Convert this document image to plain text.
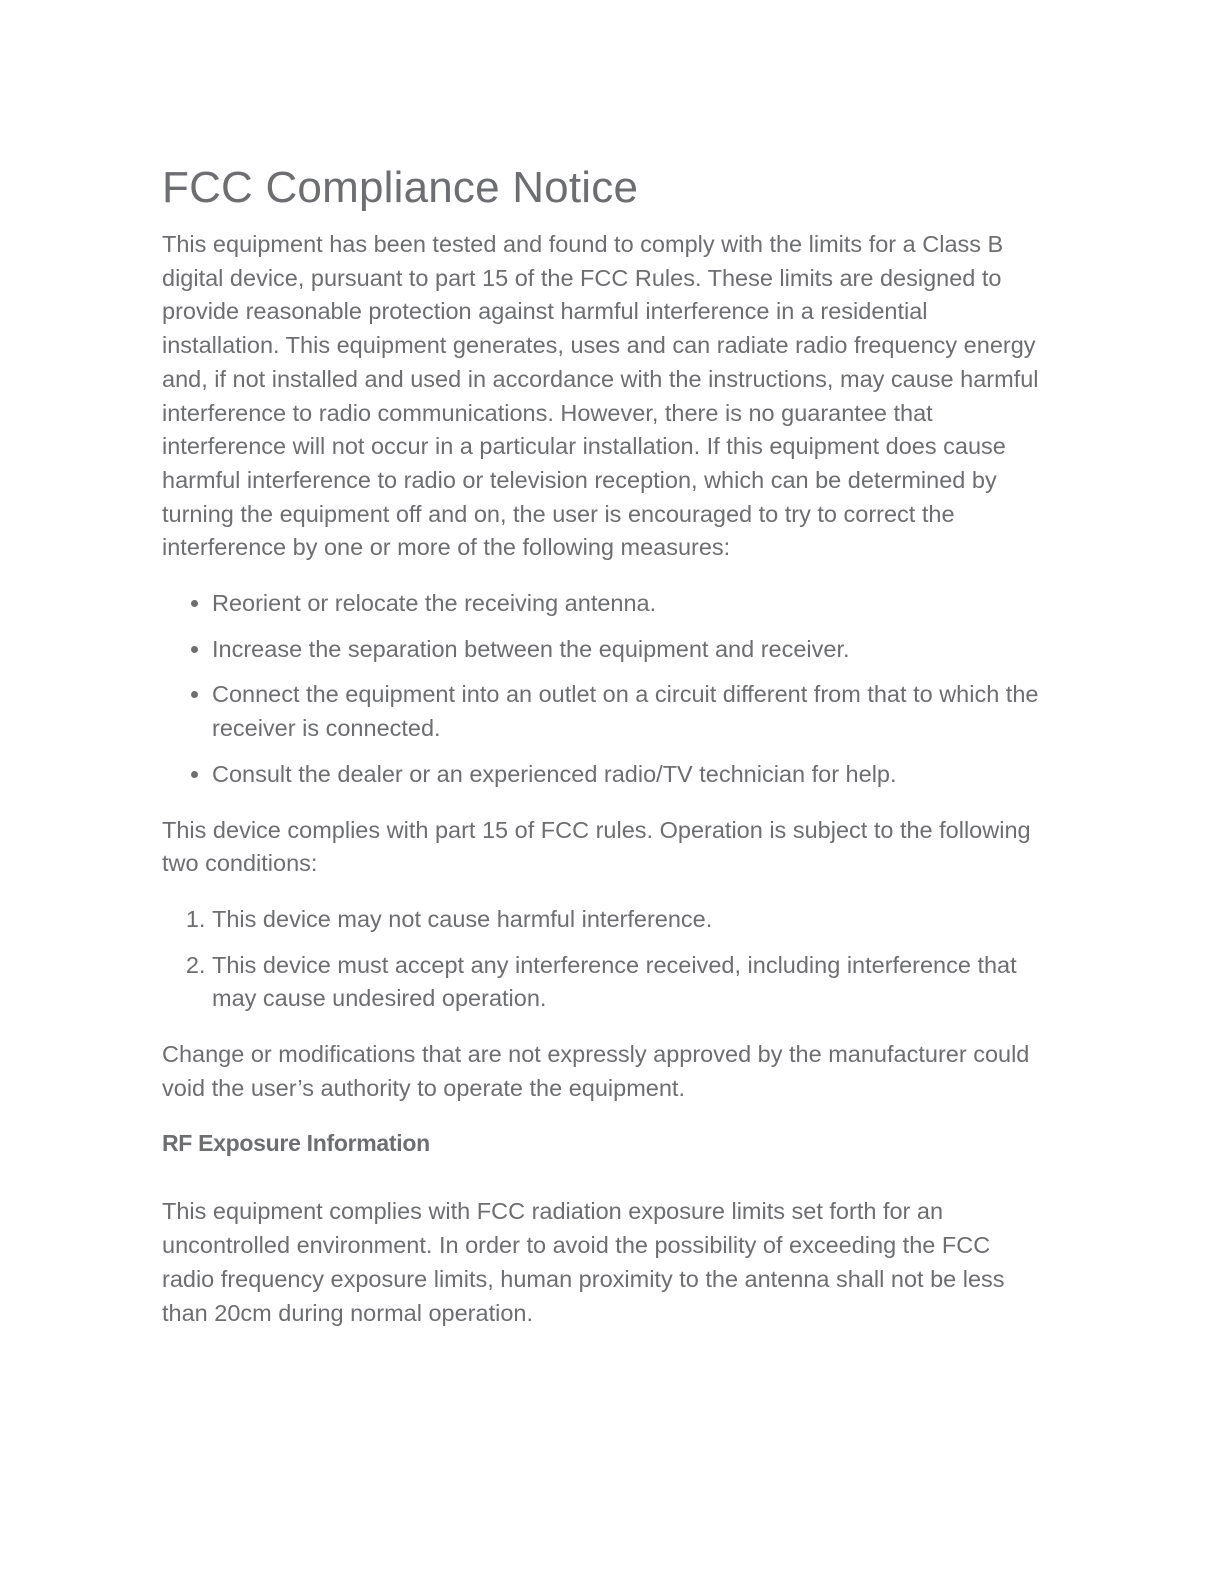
FCC Compliance Notice

This equipment has been tested and found to comply with the limits for a Class B digital device, pursuant to part 15 of the FCC Rules. These limits are designed to provide reasonable protection against harmful interference in a residential installation. This equipment generates, uses and can radiate radio frequency energy and, if not installed and used in accordance with the instructions, may cause harmful interference to radio communications. However, there is no guarantee that interference will not occur in a particular installation. If this equipment does cause harmful interference to radio or television reception, which can be determined by turning the equipment off and on, the user is encouraged to try to correct the interference by one or more of the following measures:

• Reorient or relocate the receiving antenna.
• Increase the separation between the equipment and receiver.
• Connect the equipment into an outlet on a circuit different from that to which the receiver is connected.
• Consult the dealer or an experienced radio/TV technician for help.

This device complies with part 15 of FCC rules. Operation is subject to the following two conditions:

1. This device may not cause harmful interference.
2. This device must accept any interference received, including interference that may cause undesired operation.

Change or modifications that are not expressly approved by the manufacturer could void the user’s authority to operate the equipment.

RF Exposure Information

This equipment complies with FCC radiation exposure limits set forth for an uncontrolled environment. In order to avoid the possibility of exceeding the FCC radio frequency exposure limits, human proximity to the antenna shall not be less than 20cm during normal operation.
